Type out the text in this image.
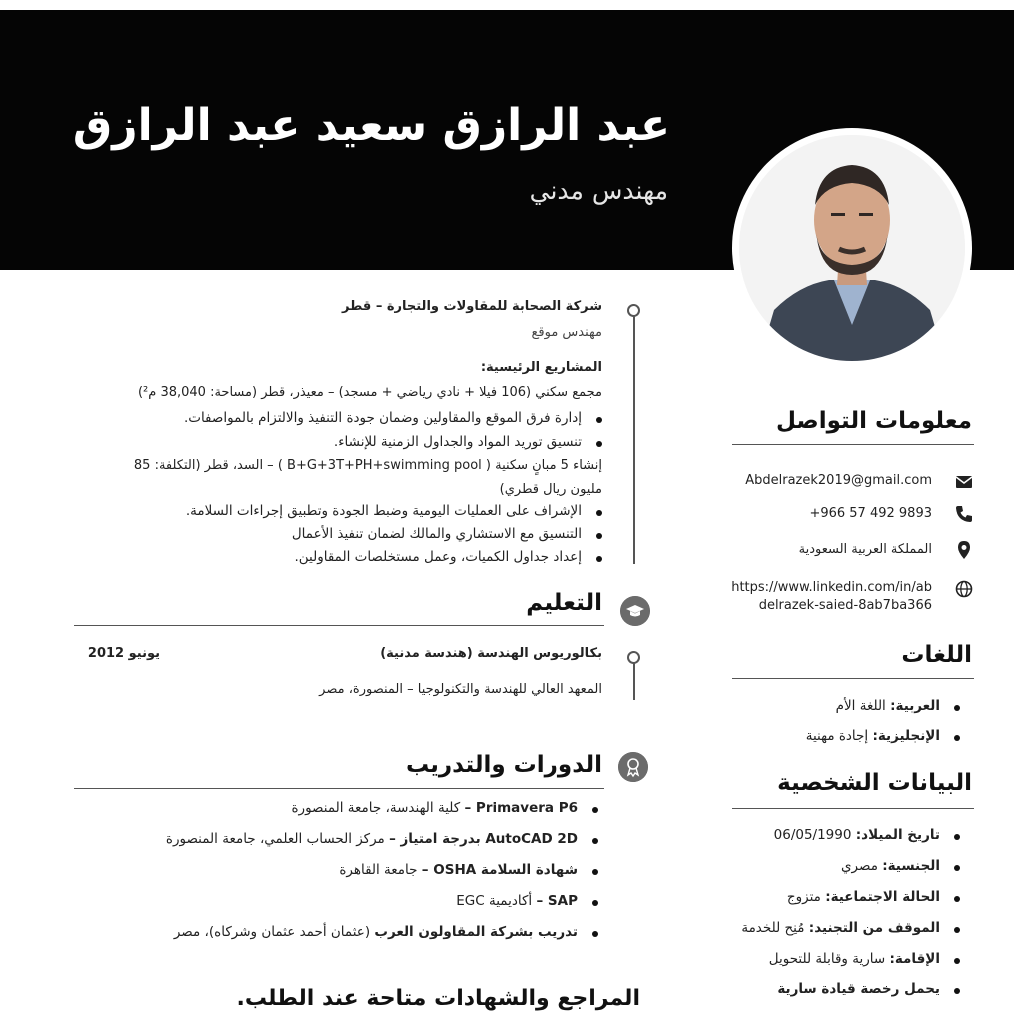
عبد الرازق سعيد عبد الرازق
مهندس مدني
معلومات التواصل
Abdelrazek2019@gmail.com
+966 57 492 9893
المملكة العربية السعودية
https://www.linkedin.com/in/ab
delrazek-saied-8ab7ba366
اللغات
العربية: اللغة الأم
الإنجليزية: إجادة مهنية
البيانات الشخصية
تاريخ الميلاد: 06/05/1990
الجنسية: مصري
الحالة الاجتماعية: متزوج
الموقف من التجنيد: مُنِح للخدمة
الإقامة: سارية وقابلة للتحويل
يحمل رخصة قيادة سارية
شركة الصحابة للمقاولات والتجارة – قطر
مهندس موقع
المشاريع الرئيسية:
مجمع سكني (106 فيلا + نادي رياضي + مسجد) – معيذر، قطر (مساحة: 38,040 م²)
إدارة فرق الموقع والمقاولين وضمان جودة التنفيذ والالتزام بالمواصفات.
تنسيق توريد المواد والجداول الزمنية للإنشاء.
إنشاء 5 مبانٍ سكنية ( B+G+3T+PH+swimming pool ) – السد، قطر (التكلفة: 85
مليون ريال قطري)
الإشراف على العمليات اليومية وضبط الجودة وتطبيق إجراءات السلامة.
التنسيق مع الاستشاري والمالك لضمان تنفيذ الأعمال
إعداد جداول الكميات، وعمل مستخلصات المقاولين.
التعليم
بكالوريوس الهندسة (هندسة مدنية)
يونيو 2012
المعهد العالي للهندسة والتكنولوجيا – المنصورة، مصر
الدورات والتدريب
Primavera P6 – كلية الهندسة، جامعة المنصورة
AutoCAD 2D بدرجة امتياز – مركز الحساب العلمي، جامعة المنصورة
شهادة السلامة OSHA – جامعة القاهرة
SAP – أكاديمية EGC
تدريب بشركة المقاولون العرب (عثمان أحمد عثمان وشركاه)، مصر
المراجع والشهادات متاحة عند الطلب.
